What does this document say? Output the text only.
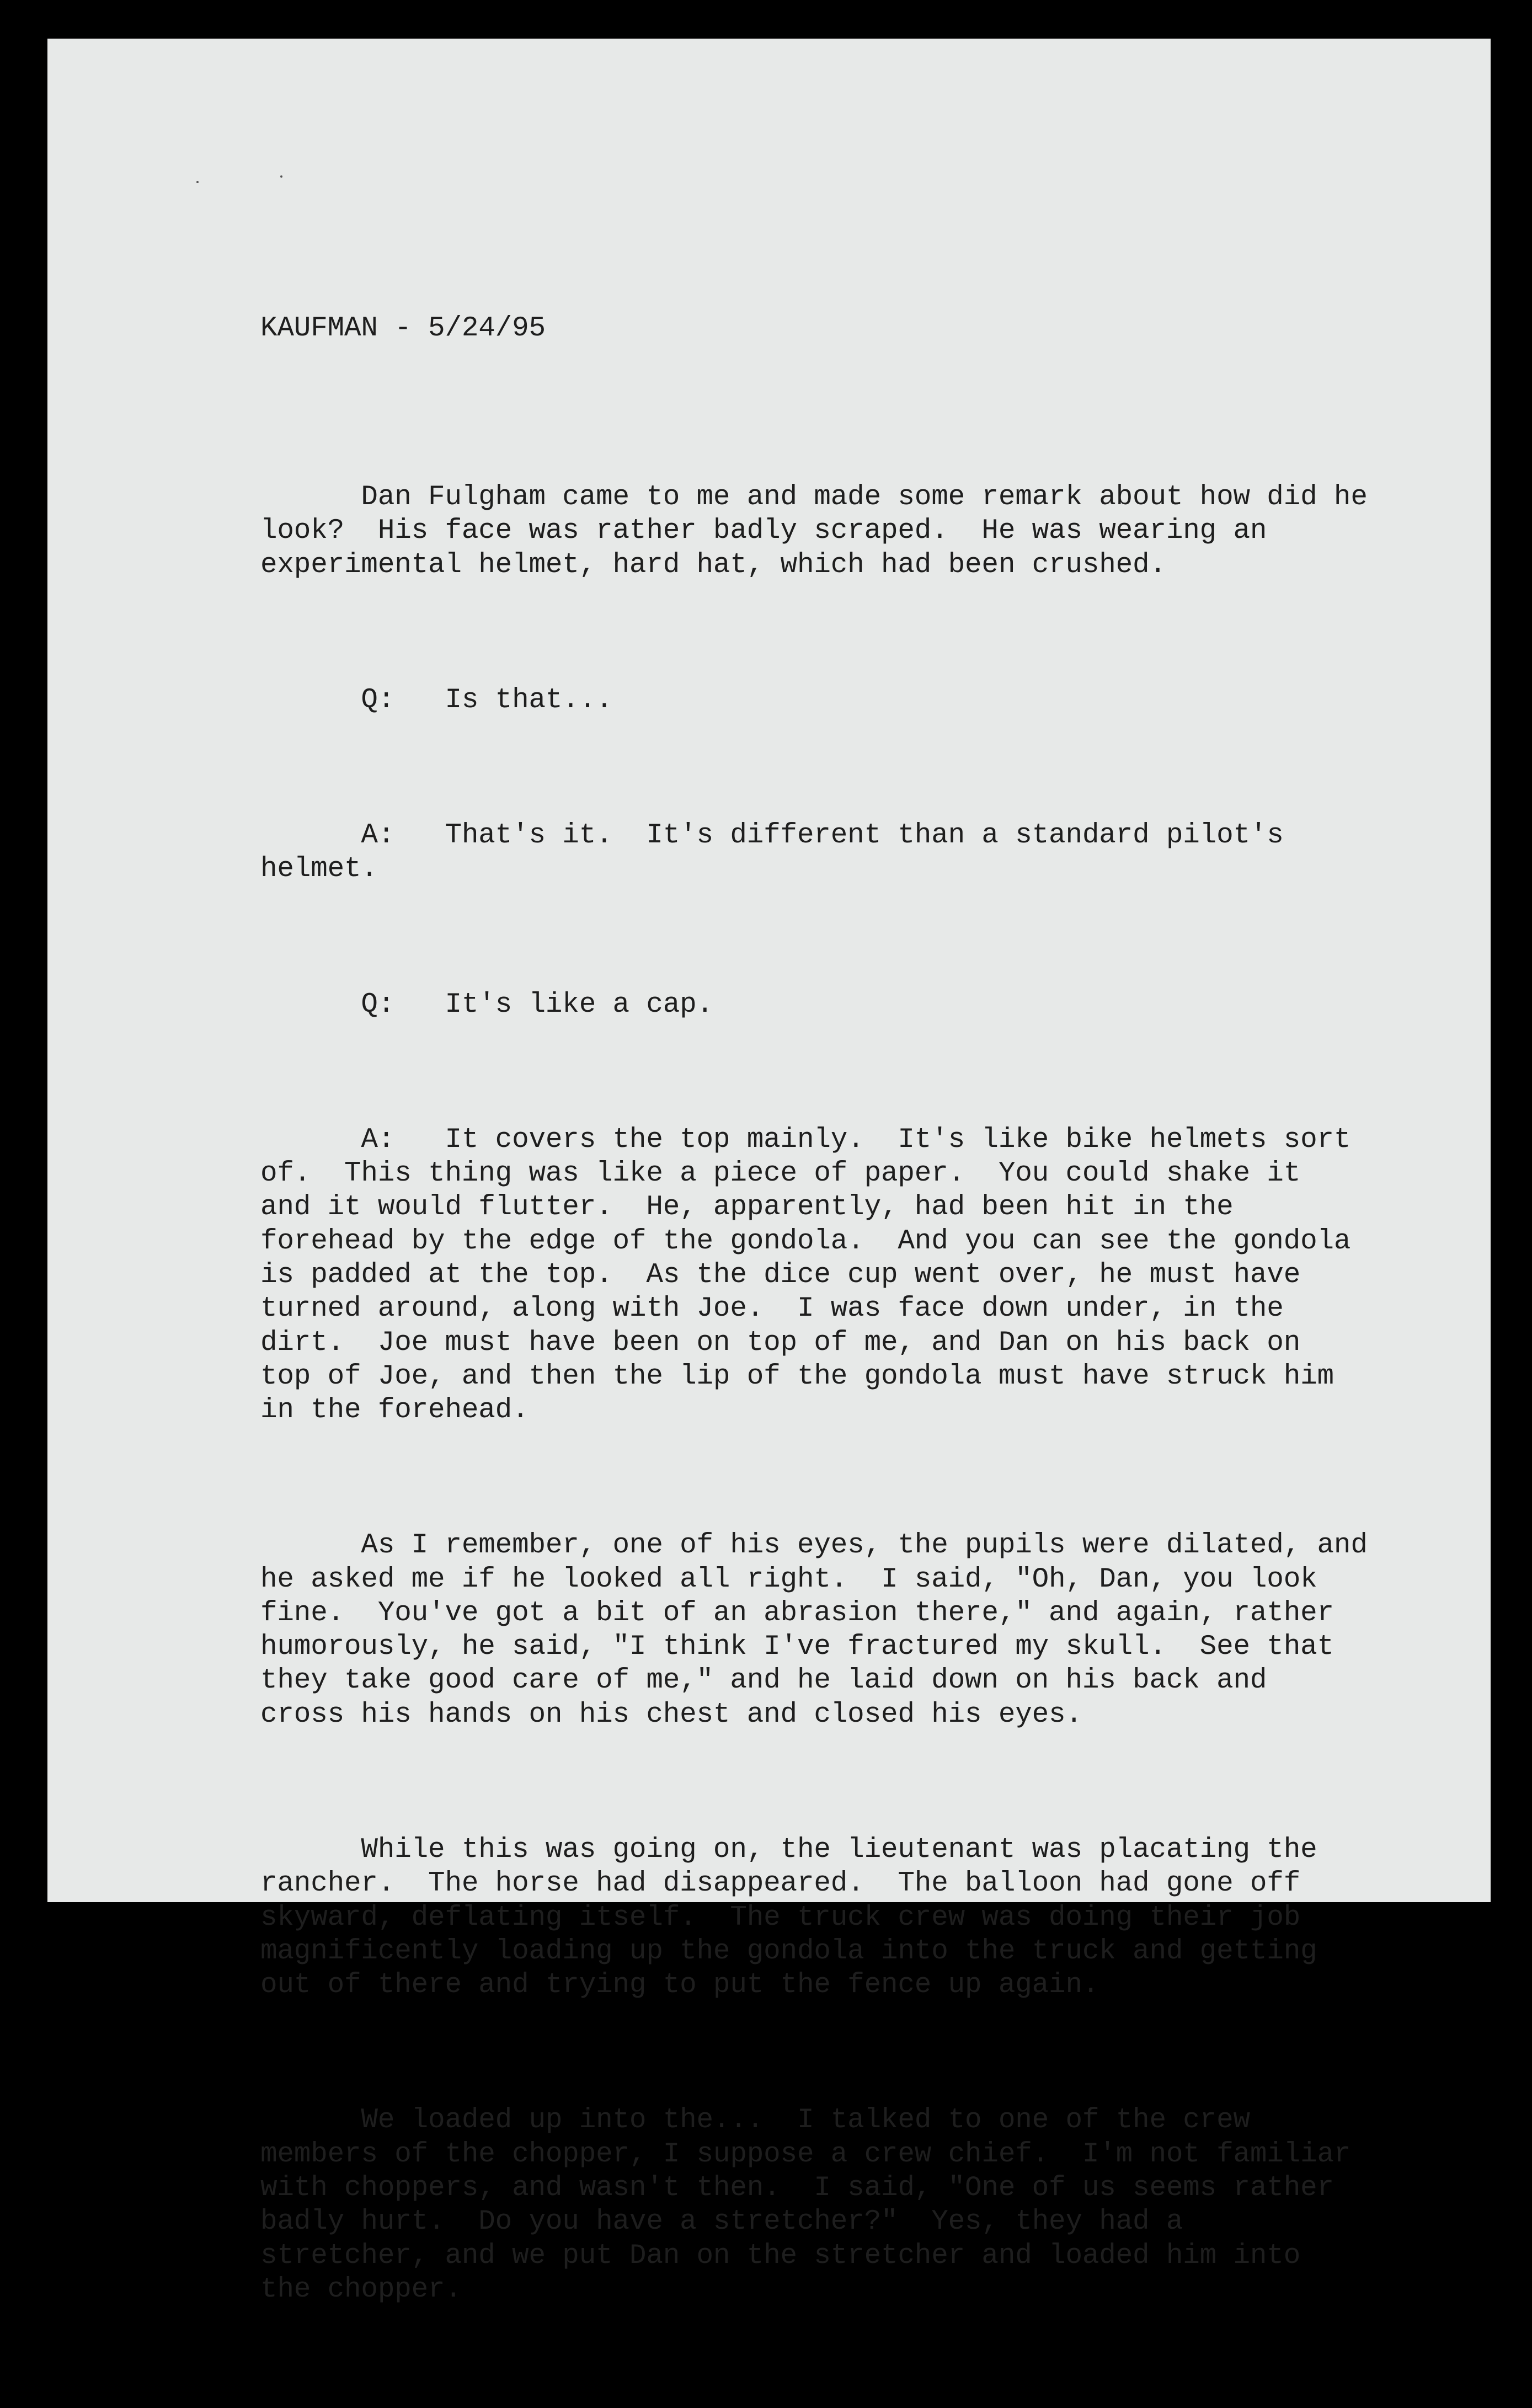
KAUFMAN - 5/24/95

Dan Fulgham came to me and made some remark about how did he
look?  His face was rather badly scraped.  He was wearing an
experimental helmet, hard hat, which had been crushed.

Q:   Is that...

A:   That's it.  It's different than a standard pilot's
helmet.

Q:   It's like a cap.

A:   It covers the top mainly.  It's like bike helmets sort
of.  This thing was like a piece of paper.  You could shake it
and it would flutter.  He, apparently, had been hit in the
forehead by the edge of the gondola.  And you can see the gondola
is padded at the top.  As the dice cup went over, he must have
turned around, along with Joe.  I was face down under, in the
dirt.  Joe must have been on top of me, and Dan on his back on
top of Joe, and then the lip of the gondola must have struck him
in the forehead.

As I remember, one of his eyes, the pupils were dilated, and
he asked me if he looked all right.  I said, "Oh, Dan, you look
fine.  You've got a bit of an abrasion there," and again, rather
humorously, he said, "I think I've fractured my skull.  See that
they take good care of me," and he laid down on his back and
cross his hands on his chest and closed his eyes.

While this was going on, the lieutenant was placating the
rancher.  The horse had disappeared.  The balloon had gone off
skyward, deflating itself.  The truck crew was doing their job
magnificently loading up the gondola into the truck and getting
out of there and trying to put the fence up again.

We loaded up into the...  I talked to one of the crew
members of the chopper, I suppose a crew chief.  I'm not familiar
with choppers, and wasn't then.  I said, "One of us seems rather
badly hurt.  Do you have a stretcher?"  Yes, they had a
stretcher, and we put Dan on the stretcher and loaded him into
the chopper.
